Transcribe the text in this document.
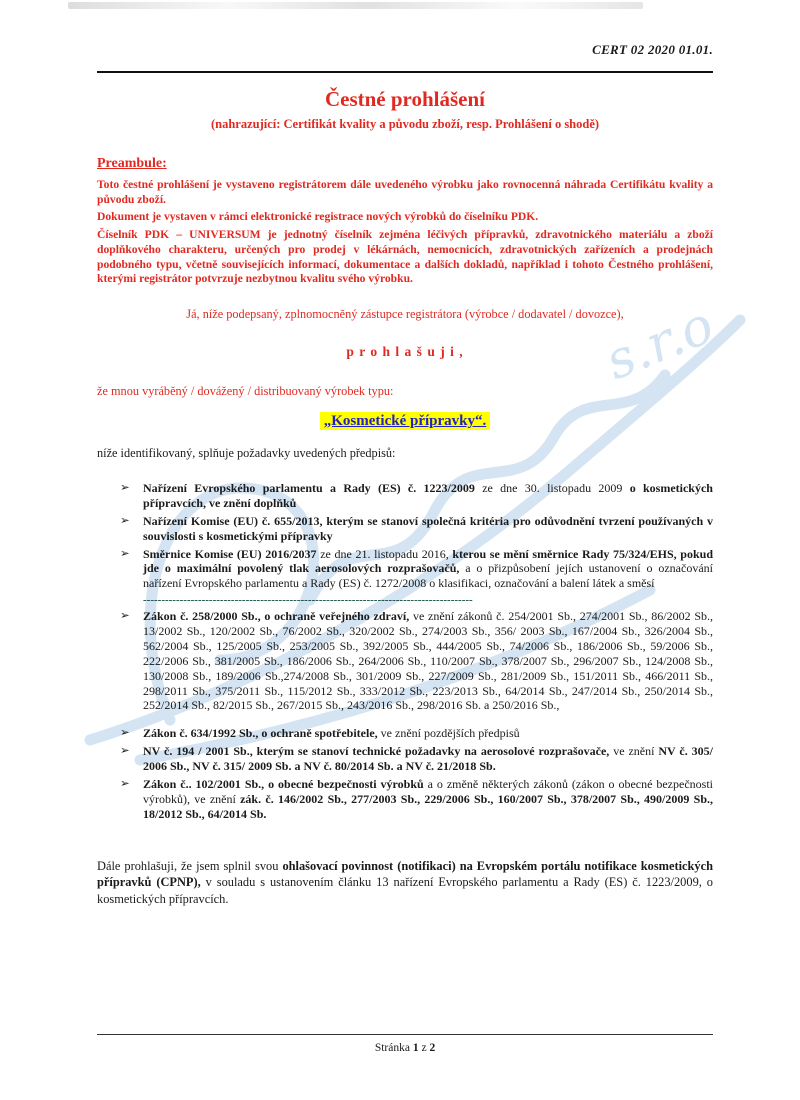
CERT 02 2020 01.01.
Čestné prohlášení
(nahrazující: Certifikát kvality a původu zboží, resp. Prohlášení o shodě)
Preambule:
Toto čestné prohlášení je vystaveno registrátorem dále uvedeného výrobku jako rovnocenná náhrada Certifikátu kvality a původu zboží.
Dokument je vystaven v rámci elektronické registrace nových výrobků do číselníku PDK.
Číselník PDK – UNIVERSUM je jednotný číselník zejména léčivých přípravků, zdravotnického materiálu a zboží doplňkového charakteru, určených pro prodej v lékárnách, nemocnicích, zdravotnických zařízeních a prodejnách podobného typu, včetně souvisejících informací, dokumentace a dalších dokladů, například i tohoto Čestného prohlášení, kterými registrátor potvrzuje nezbytnou kvalitu svého výrobku.
Já, níže podepsaný, zplnomocněný zástupce registrátora (výrobce / dodavatel / dovozce),
p r o h l a š u j i ,
že mnou vyráběný / dovážený / distribuovaný výrobek typu:
„Kosmetické přípravky“.
níže identifikovaný, splňuje požadavky uvedených předpisů:
➢	Nařízení Evropského parlamentu a Rady (ES) č. 1223/2009 ze dne 30. listopadu 2009 o kosmetických přípravcích, ve znění doplňků
➢	Nařízení Komise (EU) č. 655/2013, kterým se stanoví společná kritéria pro odůvodnění tvrzení používaných v souvislosti s kosmetickými přípravky
➢	Směrnice Komise (EU) 2016/2037 ze dne 21. listopadu 2016, kterou se mění směrnice Rady 75/324/EHS, pokud jde o maximální povolený tlak aerosolových rozprašovačů, a o přizpůsobení jejích ustanovení o označování nařízení Evropského parlamentu a Rady (ES) č. 1272/2008 o klasifikaci, označování a balení látek a směsí
------------------------------------------------------------------------------------------
➢	Zákon č. 258/2000 Sb., o ochraně veřejného zdraví, ve znění zákonů č. 254/2001 Sb., 274/2001 Sb., 86/2002 Sb., 13/2002 Sb., 120/2002 Sb., 76/2002 Sb., 320/2002 Sb., 274/2003 Sb., 356/ 2003 Sb., 167/2004 Sb., 326/2004 Sb., 562/2004 Sb., 125/2005 Sb., 253/2005 Sb., 392/2005 Sb., 444/2005 Sb., 74/2006 Sb., 186/2006 Sb., 59/2006 Sb., 222/2006 Sb., 381/2005 Sb., 186/2006 Sb., 264/2006 Sb., 110/2007 Sb., 378/2007 Sb., 296/2007 Sb., 124/2008 Sb., 130/2008 Sb., 189/2006 Sb.,274/2008 Sb., 301/2009 Sb., 227/2009 Sb., 281/2009 Sb., 151/2011 Sb., 466/2011 Sb., 298/2011 Sb., 375/2011 Sb., 115/2012 Sb., 333/2012 Sb., 223/2013 Sb., 64/2014 Sb., 247/2014 Sb., 250/2014 Sb., 252/2014 Sb., 82/2015 Sb., 267/2015 Sb., 243/2016 Sb., 298/2016 Sb. a 250/2016 Sb.,
➢	Zákon č. 634/1992 Sb., o ochraně spotřebitele, ve znění pozdějších předpisů
➢	NV č. 194 / 2001 Sb., kterým se stanoví technické požadavky na aerosolové rozprašovače, ve znění NV č. 305/ 2006 Sb., NV č. 315/ 2009 Sb. a NV č. 80/2014 Sb. a NV č. 21/2018 Sb.
➢	Zákon č.. 102/2001 Sb., o obecné bezpečnosti výrobků a o změně některých zákonů (zákon o obecné bezpečnosti výrobků), ve znění zák. č. 146/2002 Sb., 277/2003 Sb., 229/2006 Sb., 160/2007 Sb., 378/2007 Sb., 490/2009 Sb., 18/2012 Sb., 64/2014 Sb.
Dále prohlašuji, že jsem splnil svou ohlašovací povinnost (notifikaci) na Evropském portálu notifikace kosmetických přípravků (CPNP), v souladu s ustanovením článku 13 nařízení Evropského parlamentu a Rady (ES) č. 1223/2009, o kosmetických přípravcích.
Stránka 1 z 2
s.r.o.
